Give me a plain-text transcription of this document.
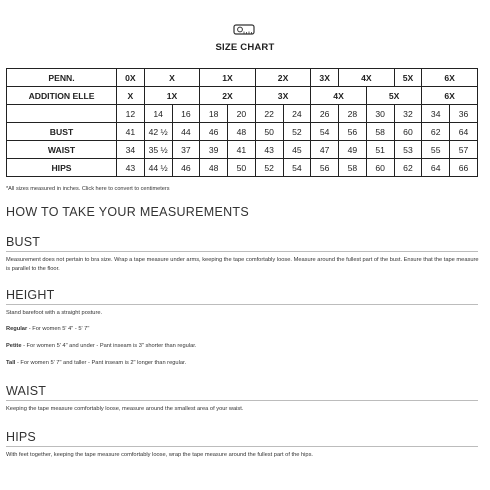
SIZE CHART
PENN.	0X	X		1X		2X		3X	4X		5X	6X	
ADDITION ELLE	X	1X		2X		3X		4X		5X		6X	
	12	14	16	18	20	22	24	26	28	30	32	34	36
BUST	41	42 ½	44	46	48	50	52	54	56	58	60	62	64
WAIST	34	35 ½	37	39	41	43	45	47	49	51	53	55	57
HIPS	43	44 ½	46	48	50	52	54	56	58	60	62	64	66
*All sizes measured in inches. Click here to convert to centimeters
HOW TO TAKE YOUR MEASUREMENTS
BUST
Measurement does not pertain to bra size. Wrap a tape measure under arms, keeping the tape comfortably loose. Measure around the fullest part of the bust. Ensure that the tape measure is parallel to the floor.
HEIGHT
Stand barefoot with a straight posture.
Regular - For women 5' 4" - 5' 7"
Petite - For women 5' 4" and under - Pant inseam is 3" shorter than regular.
Tall - For women 5' 7" and taller - Pant inseam is 2" longer than regular.
WAIST
Keeping the tape measure comfortably loose, measure around the smallest area of your waist.
HIPS
With feet together, keeping the tape measure comfortably loose, wrap the tape measure around the fullest part of the hips.
